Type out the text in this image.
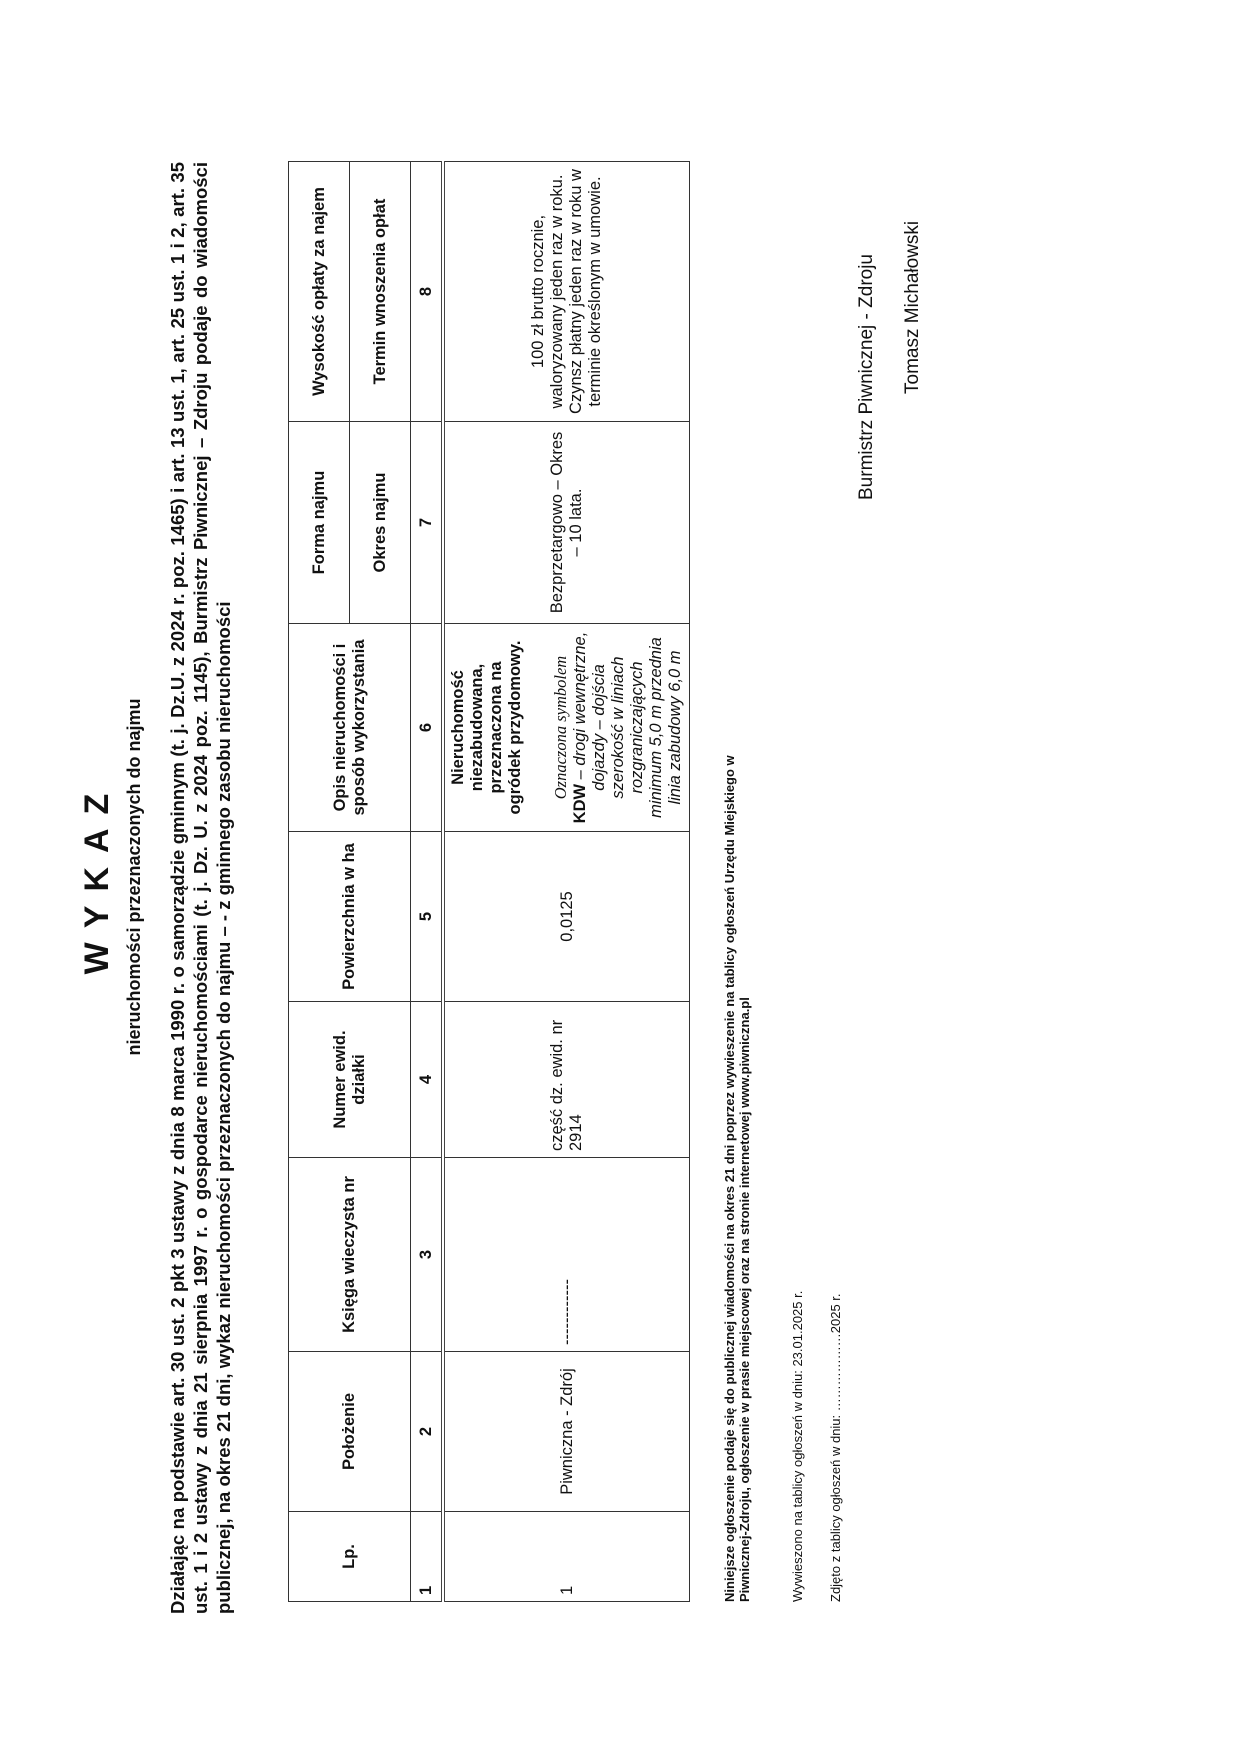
WYKAZ nieruchomości przeznaczonych do najmu Działając na podstawie art. 30 ust. 2 pkt 3 ustawy z dnia 8 marca 1990 r. o samorządzie gminnym (t. j. Dz.U. z 2024 r. poz. 1465) i art. 13 ust. 1, art. 25 ust. 1 i 2, art. 35 ust. 1 i 2 ustawy z dnia 21 sierpnia 1997 r. o gospodarce nieruchomościami (t. j. Dz. U. z 2024 poz. 1145), Burmistrz Piwnicznej – Zdroju podaje do wiadomości publicznej, na okres 21 dni, wykaz nieruchomości przeznaczonych do najmu – - z gminnego zasobu nieruchomości	Lp.	Położenie	Księga wieczysta nr	Numer ewid. działki	Powierzchnia w ha	Opis nieruchomości i sposób wykorzystania	Forma najmu	Wysokość opłaty za najem
						Okres najmu	Termin wnoszenia opłat
1	2	3	4	5	6	7	8
1	Piwniczna - Zdrój	------------	część dz. ewid. nr 2914	0,0125	Nieruchomość niezabudowana, przeznaczona na ogródek przydomowy. Oznaczona symbolem
KDW – drogi wewnętrzne, dojazdy – dojścia szerokość w liniach rozgraniczających minimum 5,0 m przednia linia zabudowy 6,0 m	Bezprzetargowo – Okres – 10 lata.	100 zł brutto rocznie, waloryzowany jeden raz w roku. Czynsz płatny jeden raz w roku w terminie określonym w umowie.
Niniejsze ogłoszenie podaje się do publicznej wiadomości na okres 21 dni poprzez wywieszenie na tablicy ogłoszeń Urzędu Miejskiego w Piwnicznej-Zdroju, ogłoszenie w prasie miejscowej oraz na stronie internetowej www.piwniczna.pl	Wywieszono na tablicy ogłoszeń w dniu: 23.01.2025 r. Zdjęto z tablicy ogłoszeń w dniu: ………………2025 r.
Burmistrz Piwnicznej - Zdroju Tomasz Michałowski
